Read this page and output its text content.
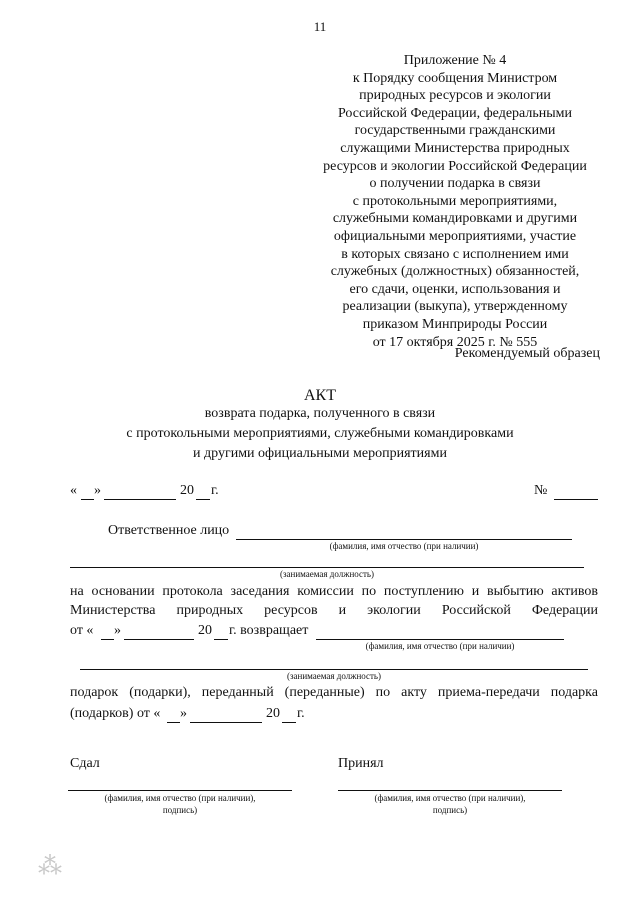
11
Приложение № 4
к Порядку сообщения Министром
природных ресурсов и экологии
Российской Федерации, федеральными
государственными гражданскими
служащими Министерства природных
ресурсов и экологии Российской Федерации
о получении подарка в связи
с протокольными мероприятиями,
служебными командировками и другими
официальными мероприятиями, участие
в которых связано с исполнением ими
служебных (должностных) обязанностей,
его сдачи, оценки, использования и
реализации (выкупа), утвержденному
приказом Минприроды России
от 17 октября 2025 г. № 555
Рекомендуемый образец
АКТ
возврата подарка, полученного в связи
с протокольными мероприятиями, служебными командировками
и другими официальными мероприятиями
« »	20 г.	№
Ответственное лицо
(фамилия, имя отчество (при наличии)
(занимаемая должность)
на основании протокола заседания комиссии по поступлению и выбытию активов
Министерства природных ресурсов и экологии Российской Федерации
от « »	20 г. возвращает
(фамилия, имя отчество (при наличии)
(занимаемая должность)
подарок (подарки), переданный (переданные) по акту приема-передачи подарка
(подарков) от « »	20 г.
Сдал	Принял
(фамилия, имя отчество (при наличии),
подпись)
(фамилия, имя отчество (при наличии),
подпись)
⁂
